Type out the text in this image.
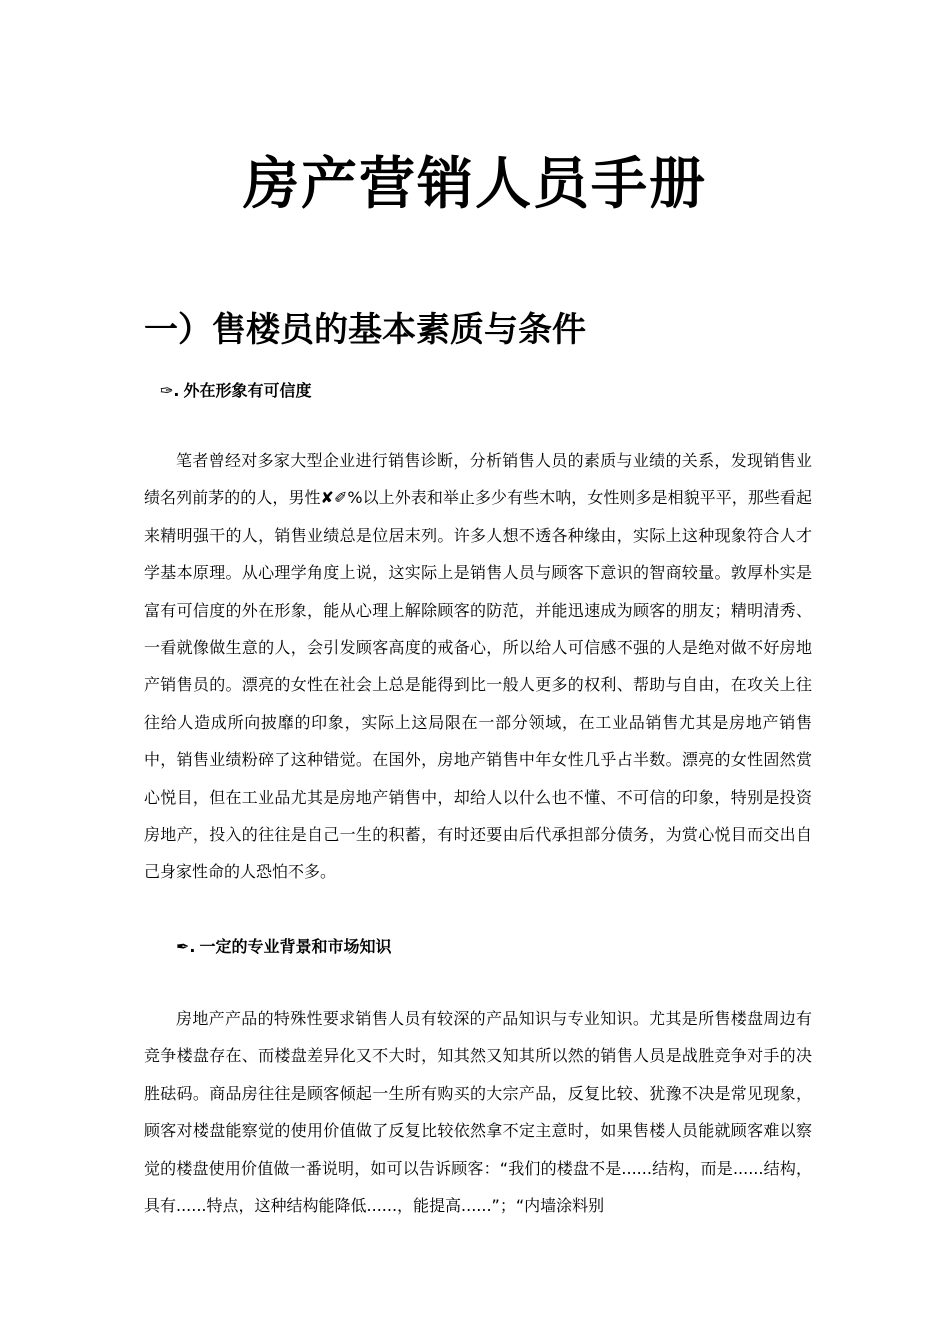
房产营销人员手册
一）售楼员的基本素质与条件
✑. 外在形象有可信度

笔者曾经对多家大型企业进行销售诊断，分析销售人员的素质与业绩的关系，发现销售业绩名列前茅的的人，男性✘✐%以上外表和举止多少有些木呐，女性则多是相貌平平，那些看起来精明强干的人，销售业绩总是位居末列。许多人想不透各种缘由，实际上这种现象符合人才学基本原理。从心理学角度上说，这实际上是销售人员与顾客下意识的智商较量。敦厚朴实是富有可信度的外在形象，能从心理上解除顾客的防范，并能迅速成为顾客的朋友；精明清秀、一看就像做生意的人，会引发顾客高度的戒备心，所以给人可信感不强的人是绝对做不好房地产销售员的。漂亮的女性在社会上总是能得到比一般人更多的权利、帮助与自由，在攻关上往往给人造成所向披靡的印象，实际上这局限在一部分领域，在工业品销售尤其是房地产销售中，销售业绩粉碎了这种错觉。在国外，房地产销售中年女性几乎占半数。漂亮的女性固然赏心悦目，但在工业品尤其是房地产销售中，却给人以什么也不懂、不可信的印象，特别是投资房地产，投入的往往是自己一生的积蓄，有时还要由后代承担部分债务，为赏心悦目而交出自己身家性命的人恐怕不多。

✒. 一定的专业背景和市场知识

房地产产品的特殊性要求销售人员有较深的产品知识与专业知识。尤其是所售楼盘周边有竞争楼盘存在、而楼盘差异化又不大时，知其然又知其所以然的销售人员是战胜竞争对手的决胜砝码。商品房往往是顾客倾起一生所有购买的大宗产品，反复比较、犹豫不决是常见现象，顾客对楼盘能察觉的使用价值做了反复比较依然拿不定主意时，如果售楼人员能就顾客难以察觉的楼盘使用价值做一番说明，如可以告诉顾客：“我们的楼盘不是......结构，而是......结构，具有......特点，这种结构能降低......，能提高......”；“内墙涂料别
